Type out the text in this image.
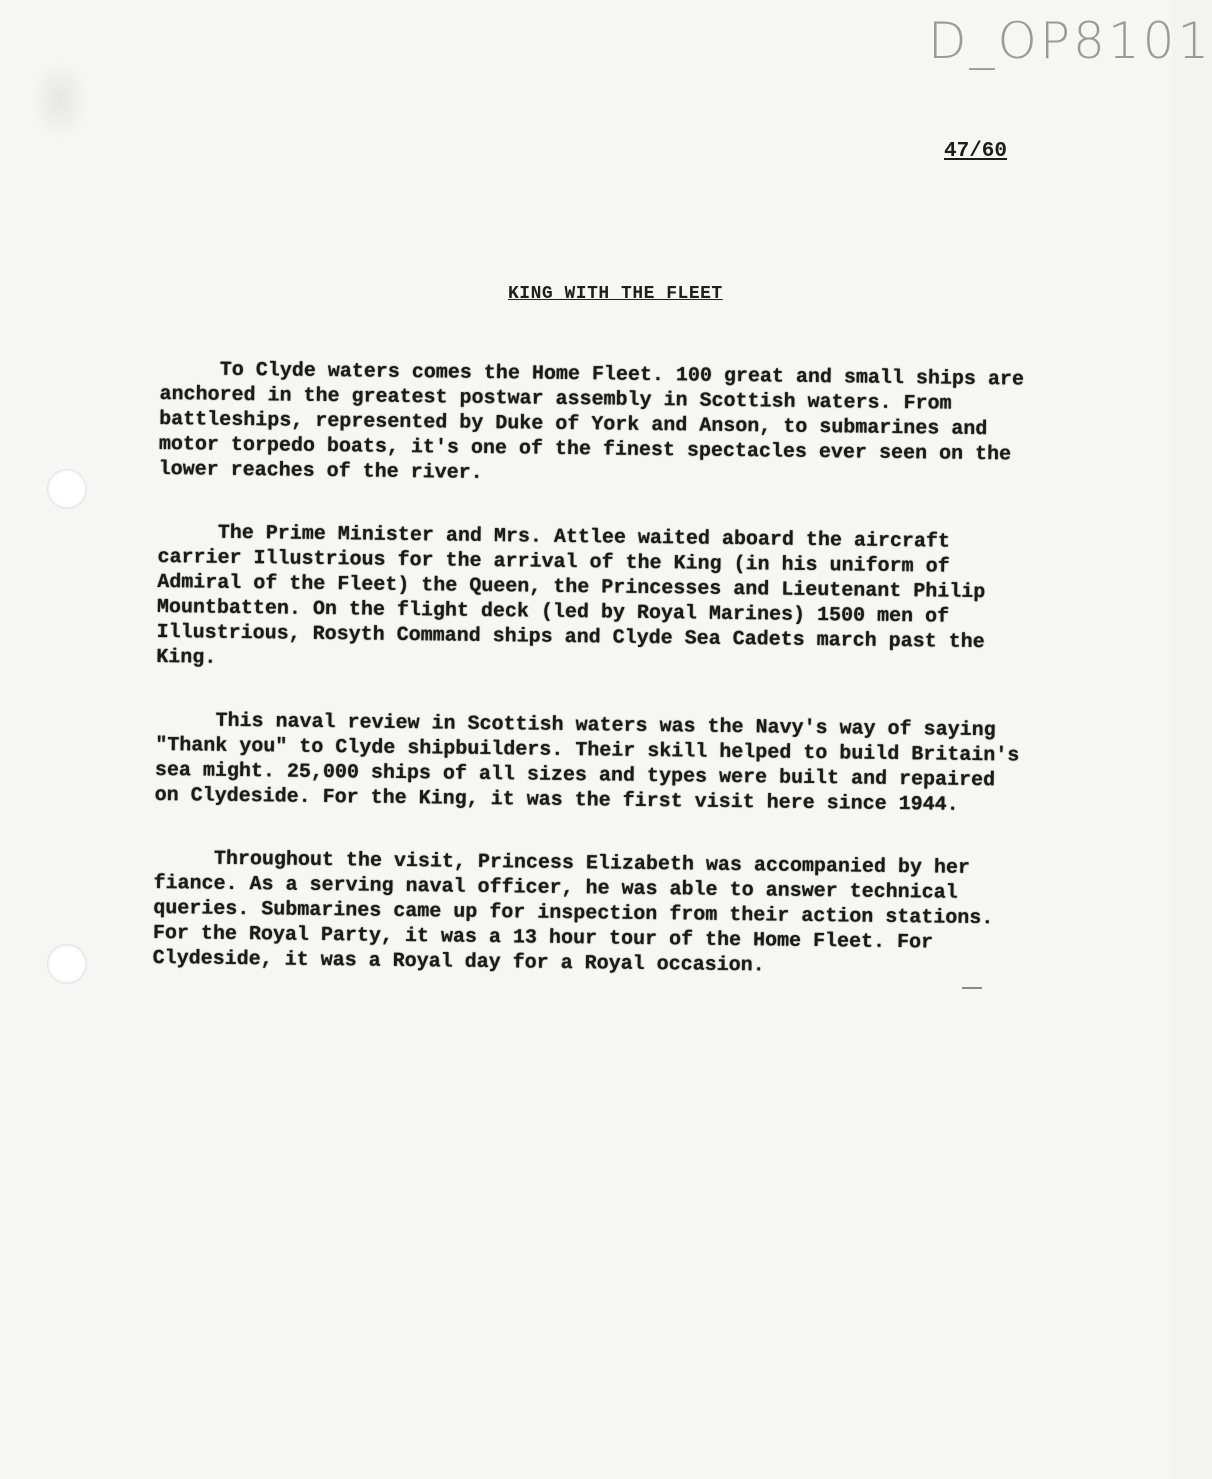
D_OP8101
47/60
KING WITH THE FLEET

To Clyde waters comes the Home Fleet. 100 great and small ships are anchored in the greatest postwar assembly in Scottish waters. From battleships, represented by Duke of York and Anson, to submarines and motor torpedo boats, it's one of the finest spectacles ever seen on the lower reaches of the river.

The Prime Minister and Mrs. Attlee waited aboard the aircraft carrier Illustrious for the arrival of the King (in his uniform of Admiral of the Fleet) the Queen, the Princesses and Lieutenant Philip Mountbatten. On the flight deck (led by Royal Marines) 1500 men of Illustrious, Rosyth Command ships and Clyde Sea Cadets march past the King.

This naval review in Scottish waters was the Navy's way of saying "Thank you" to Clyde shipbuilders. Their skill helped to build Britain's sea might. 25,000 ships of all sizes and types were built and repaired on Clydeside. For the King, it was the first visit here since 1944.

Throughout the visit, Princess Elizabeth was accompanied by her fiance. As a serving naval officer, he was able to answer technical queries. Submarines came up for inspection from their action stations. For the Royal Party, it was a 13 hour tour of the Home Fleet. For Clydeside, it was a Royal day for a Royal occasion.
